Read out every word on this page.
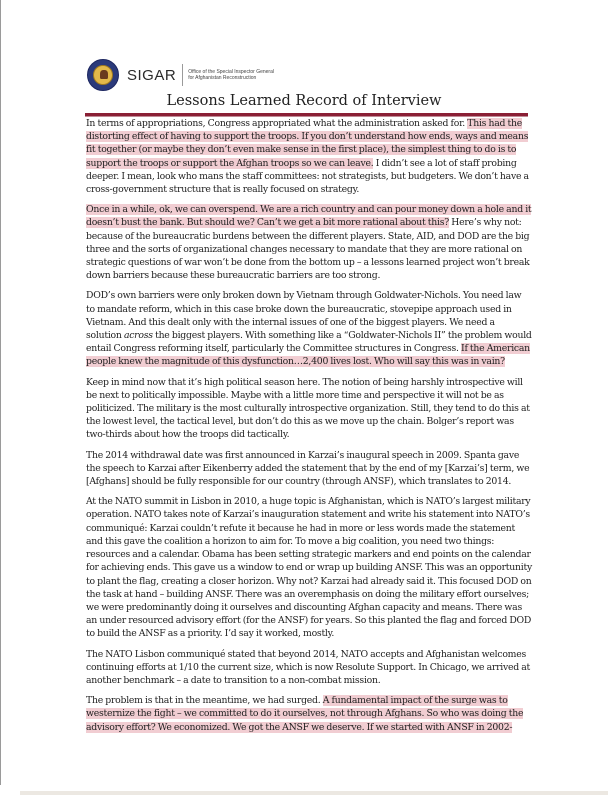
SIGAR Office of the Special Inspector General
for Afghanistan Reconstruction
Lessons Learned Record of Interview

In terms of appropriations, Congress appropriated what the administration asked for. This had the distorting effect of having to support the troops. If you don’t understand how ends, ways and means fit together (or maybe they don’t even make sense in the first place), the simplest thing to do is to support the troops or support the Afghan troops so we can leave. I didn’t see a lot of staff probing deeper. I mean, look who mans the staff committees: not strategists, but budgeters. We don’t have a cross-government structure that is really focused on strategy.

Once in a while, ok, we can overspend. We are a rich country and can pour money down a hole and it doesn’t bust the bank. But should we? Can’t we get a bit more rational about this? Here’s why not: because of the bureaucratic burdens between the different players. State, AID, and DOD are the big three and the sorts of organizational changes necessary to mandate that they are more rational on strategic questions of war won’t be done from the bottom up – a lessons learned project won’t break down barriers because these bureaucratic barriers are too strong.

DOD’s own barriers were only broken down by Vietnam through Goldwater-Nichols. You need law to mandate reform, which in this case broke down the bureaucratic, stovepipe approach used in Vietnam. And this dealt only with the internal issues of one of the biggest players. We need a solution across the biggest players. With something like a “Goldwater-Nichols II” the problem would entail Congress reforming itself, particularly the Committee structures in Congress. If the American people knew the magnitude of this dysfunction…2,400 lives lost. Who will say this was in vain?

Keep in mind now that it’s high political season here. The notion of being harshly introspective will be next to politically impossible. Maybe with a little more time and perspective it will not be as politicized. The military is the most culturally introspective organization. Still, they tend to do this at the lowest level, the tactical level, but don’t do this as we move up the chain. Bolger’s report was two-thirds about how the troops did tactically.

The 2014 withdrawal date was first announced in Karzai’s inaugural speech in 2009. Spanta gave the speech to Karzai after Eikenberry added the statement that by the end of my [Karzai’s] term, we [Afghans] should be fully responsible for our country (through ANSF), which translates to 2014.

At the NATO summit in Lisbon in 2010, a huge topic is Afghanistan, which is NATO’s largest military operation. NATO takes note of Karzai’s inauguration statement and write his statement into NATO’s communiqué: Karzai couldn’t refute it because he had in more or less words made the statement and this gave the coalition a horizon to aim for. To move a big coalition, you need two things: resources and a calendar. Obama has been setting strategic markers and end points on the calendar for achieving ends. This gave us a window to end or wrap up building ANSF. This was an opportunity to plant the flag, creating a closer horizon. Why not? Karzai had already said it. This focused DOD on the task at hand – building ANSF. There was an overemphasis on doing the military effort ourselves; we were predominantly doing it ourselves and discounting Afghan capacity and means. There was an under resourced advisory effort (for the ANSF) for years. So this planted the flag and forced DOD to build the ANSF as a priority. I’d say it worked, mostly.

The NATO Lisbon communiqué stated that beyond 2014, NATO accepts and Afghanistan welcomes continuing efforts at 1/10 the current size, which is now Resolute Support. In Chicago, we arrived at another benchmark – a date to transition to a non-combat mission.

The problem is that in the meantime, we had surged. A fundamental impact of the surge was to westernize the fight – we committed to do it ourselves, not through Afghans. So who was doing the advisory effort? We economized. We got the ANSF we deserve. If we started with ANSF in 2002-
